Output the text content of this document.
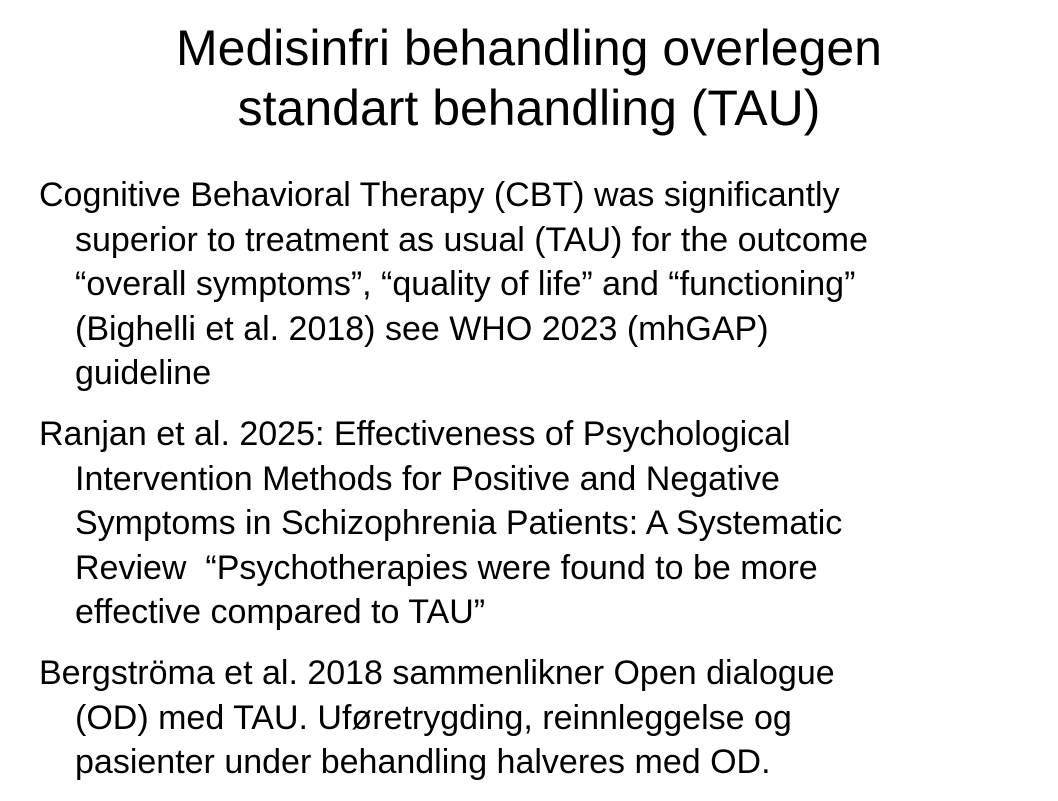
Medisinfri behandling overlegen
standart behandling (TAU)
Cognitive Behavioral Therapy (CBT) was significantly
superior to treatment as usual (TAU) for the outcome
“overall symptoms”, “quality of life” and “functioning”
(Bighelli et al. 2018) see WHO 2023 (mhGAP)
guideline
Ranjan et al. 2025: Effectiveness of Psychological
Intervention Methods for Positive and Negative
Symptoms in Schizophrenia Patients: A Systematic
Review  “Psychotherapies were found to be more
effective compared to TAU”
Bergströma et al. 2018 sammenlikner Open dialogue
(OD) med TAU. Uføretrygding, reinnleggelse og
pasienter under behandling halveres med OD.
